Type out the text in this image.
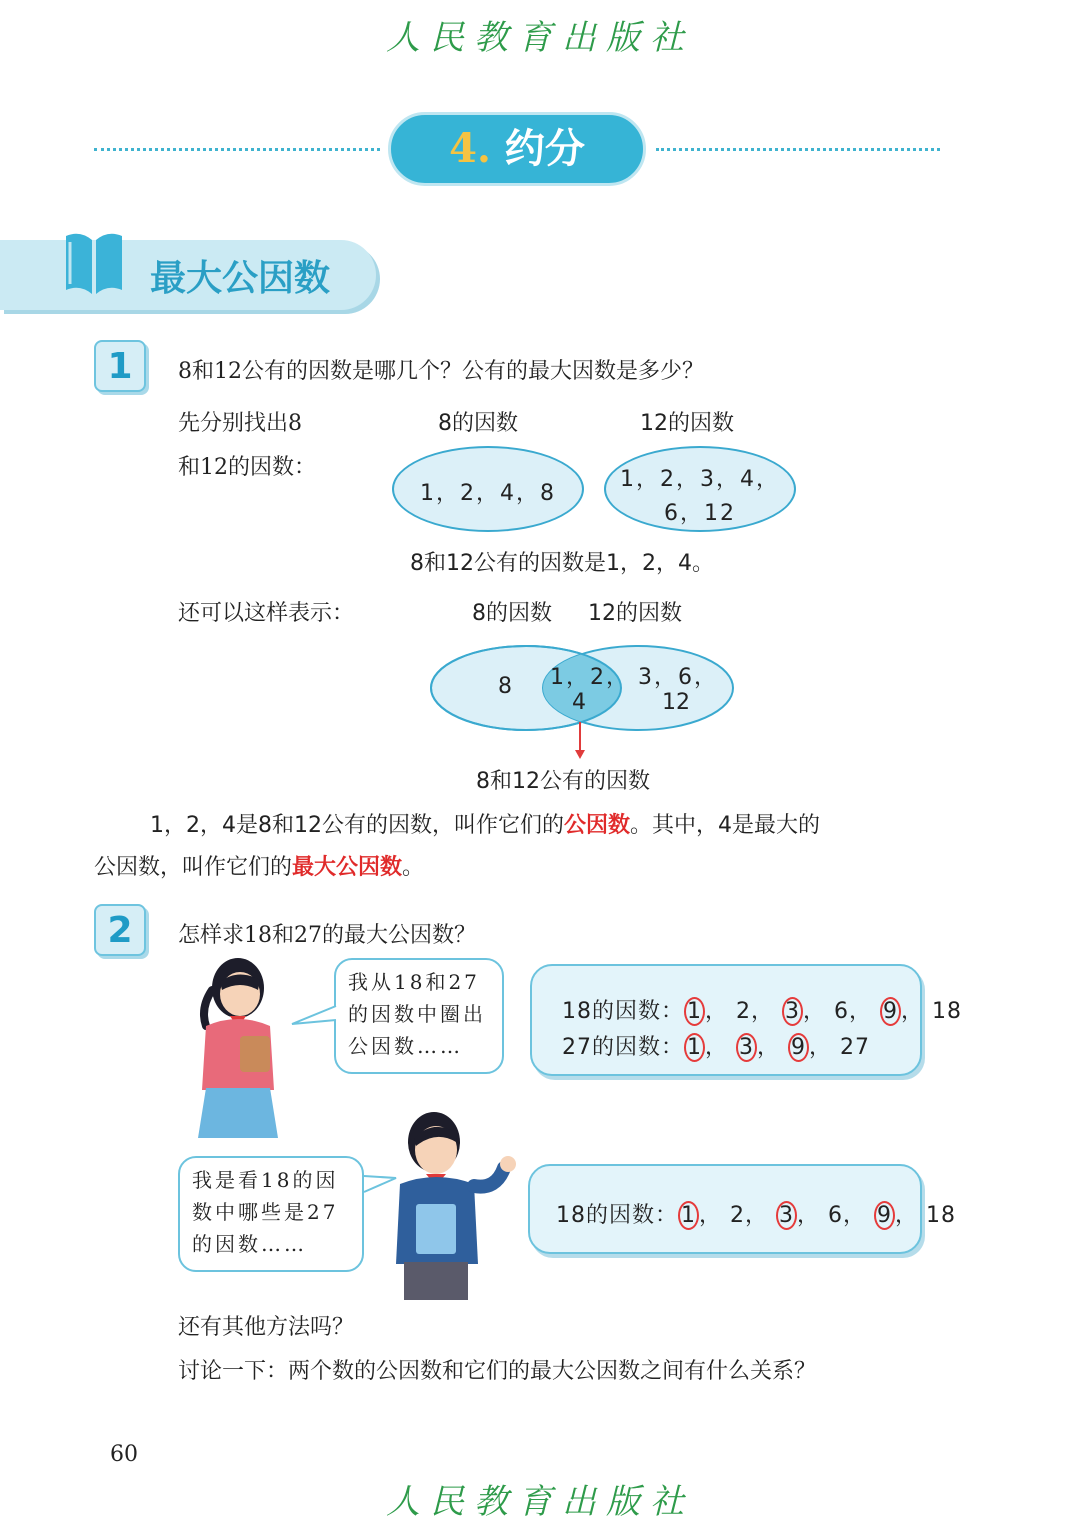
人民教育出版社
4. 约分
最大公因数
1	8和12公有的因数是哪几个？公有的最大因数是多少？
先分别找出8
和12的因数：
8的因数	12的因数
1，2，4，8
1，2，3，4，
6，12
8和12公有的因数是1，2，4。
还可以这样表示：	8的因数 12的因数
8 1，2，
4
3，6，
12
8和12公有的因数
1，2，4是8和12公有的因数，叫作它们的公因数。其中，4是最大的
公因数，叫作它们的最大公因数。
2	怎样求18和27的最大公因数？
我从18和27
的因数中圈出
公因数……
18的因数： 1 ， 2， 3 ， 6， 9 ， 18
27的因数： 1 ， 3 ， 9 ， 27
我是看18的因
数中哪些是27
的因数……
18的因数： 1 ， 2， 3 ， 6， 9 ， 18
还有其他方法吗？
讨论一下：两个数的公因数和它们的最大公因数之间有什么关系？
60
人民教育出版社
